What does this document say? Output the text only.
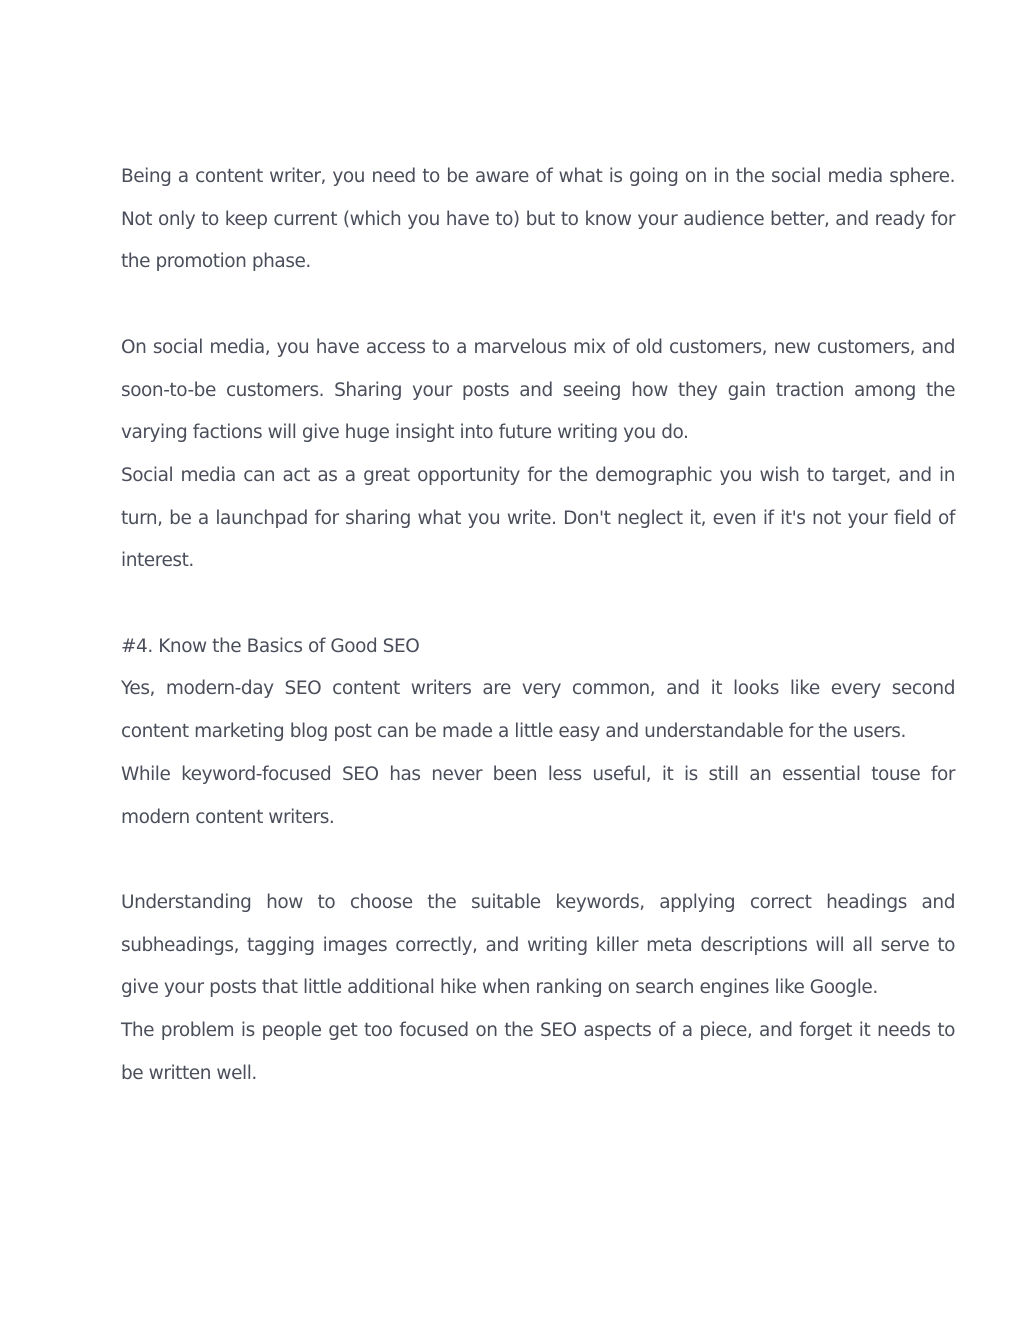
Being a content writer, you need to be aware of what is going on in the social media sphere. Not only to keep current (which you have to) but to know your audience better, and ready for the promotion phase.

On social media, you have access to a marvelous mix of old customers, new customers, and soon-to-be customers. Sharing your posts and seeing how they gain traction among the varying factions will give huge insight into future writing you do.

Social media can act as a great opportunity for the demographic you wish to target, and in turn, be a launchpad for sharing what you write. Don't neglect it, even if it's not your field of interest.

#4. Know the Basics of Good SEO

Yes, modern-day SEO content writers are very common, and it looks like every second content marketing blog post can be made a little easy and understandable for the users.

While keyword-focused SEO has never been less useful, it is still an essential touse for modern content writers.

Understanding how to choose the suitable keywords, applying correct headings and subheadings, tagging images correctly, and writing killer meta descriptions will all serve to give your posts that little additional hike when ranking on search engines like Google.

The problem is people get too focused on the SEO aspects of a piece, and forget it needs to be written well.
